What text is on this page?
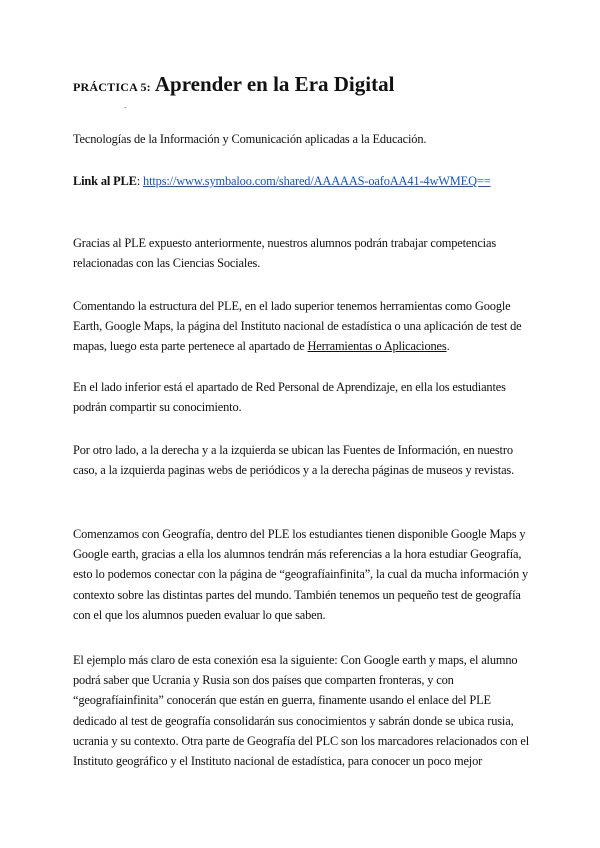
PRÁCTICA 5: Aprender en la Era Digital
-

Tecnologías de la Información y Comunicación aplicadas a la Educación.

Link al PLE: https://www.symbaloo.com/shared/AAAAAS-oafoAA41-4wWMEQ==

Gracias al PLE expuesto anteriormente, nuestros alumnos podrán trabajar competencias relacionadas con las Ciencias Sociales.

Comentando la estructura del PLE, en el lado superior tenemos herramientas como Google Earth, Google Maps, la página del Instituto nacional de estadística o una aplicación de test de mapas, luego esta parte pertenece al apartado de Herramientas o Aplicaciones.

En el lado inferior está el apartado de Red Personal de Aprendizaje, en ella los estudiantes podrán compartir su conocimiento.

Por otro lado, a la derecha y a la izquierda se ubican las Fuentes de Información, en nuestro caso, a la izquierda paginas webs de periódicos y a la derecha páginas de museos y revistas.

Comenzamos con Geografía, dentro del PLE los estudiantes tienen disponible Google Maps y Google earth, gracias a ella los alumnos tendrán más referencias a la hora estudiar Geografía, esto lo podemos conectar con la página de “geografíainfinita”, la cual da mucha información y contexto sobre las distintas partes del mundo. También tenemos un pequeño test de geografía con el que los alumnos pueden evaluar lo que saben.

El ejemplo más claro de esta conexión esa la siguiente: Con Google earth y maps, el alumno podrá saber que Ucrania y Rusia son dos países que comparten fronteras, y con “geografíainfinita” conocerán que están en guerra, finamente usando el enlace del PLE dedicado al test de geografía consolidarán sus conocimientos y sabrán donde se ubica rusia, ucrania y su contexto. Otra parte de Geografía del PLC son los marcadores relacionados con el Instituto geográfico y el Instituto nacional de estadística, para conocer un poco mejor
